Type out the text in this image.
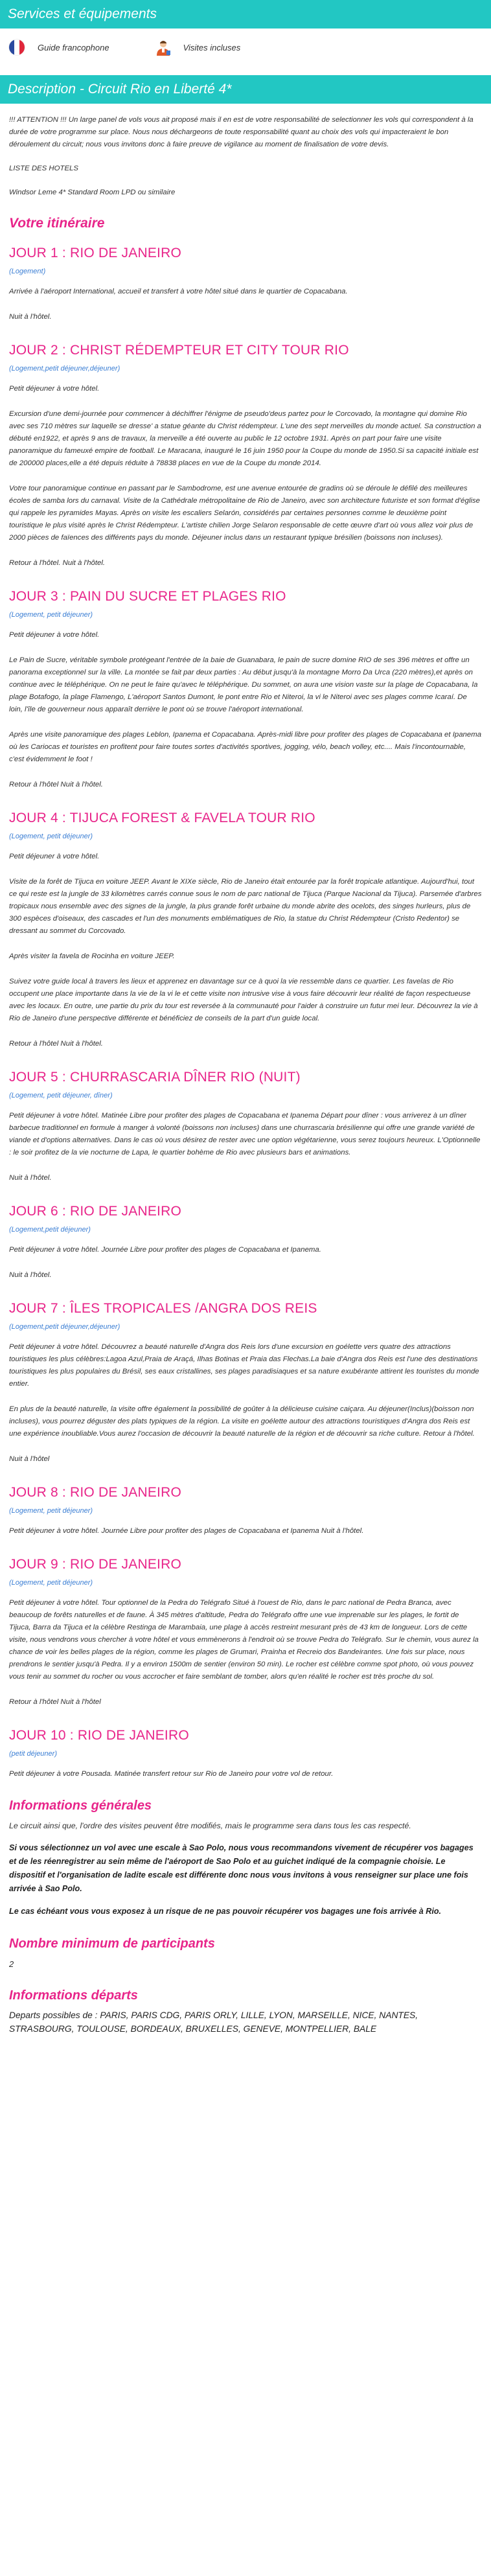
Services et équipements
Guide francophone	Visites incluses
Description - Circuit Rio en Liberté 4*

!!! ATTENTION !!! Un large panel de vols vous ait proposé mais il en est de votre responsabilité de selectionner les vols qui correspondent à la durée de votre programme sur place. Nous nous déchargeons de toute responsabilité quant au choix des vols qui impacteraient le bon déroulement du circuit; nous vous invitons donc à faire preuve de vigilance au moment de finalisation de votre devis.

LISTE DES HOTELS

Windsor Leme 4* Standard Room LPD ou similaire

Votre itinéraire
JOUR 1 : RIO DE JANEIRO

(Logement)

Arrivée à l'aéroport International, accueil et transfert à votre hôtel situé dans le quartier de Copacabana.

Nuit à l'hôtel.

JOUR 2 : CHRIST RÉDEMPTEUR ET CITY TOUR RIO

(Logement,petit déjeuner,déjeuner)

Petit déjeuner à votre hôtel.

Excursion d'une demi-journée pour commencer à déchiffrer l'énigme de pseudo'deus partez pour le Corcovado, la montagne qui domine Rio avec ses 710 mètres sur laquelle se dresse' a statue géante du Christ rédempteur. L'une des sept merveilles du monde actuel. Sa construction a débuté en1922, et après 9 ans de travaux, la merveille a été ouverte au public le 12 octobre 1931. Après on part pour faire une visite panoramique du fameuxé empire de football. Le Maracana, inauguré le 16 juin 1950 pour la Coupe du monde de 1950.Si sa capacité initiale est de 200000 places,elle a été depuis réduite à 78838 places en vue de la Coupe du monde 2014.

Votre tour panoramique continue en passant par le Sambodrome, est une avenue entourée de gradins où se déroule le défilé des meilleures écoles de samba lors du carnaval. Visite de la Cathédrale métropolitaine de Rio de Janeiro, avec son architecture futuriste et son format d'église qui rappele les pyramides Mayas. Après on visite les escaliers Selarón, considérés par certaines personnes comme le deuxième point touristique le plus visité après le Christ Rédempteur. L'artiste chilien Jorge Selaron responsable de cette œuvre d'art où vous allez voir plus de 2000 pièces de faïences des différents pays du monde. Déjeuner inclus dans un restaurant typique brésilien (boissons non incluses).

Retour à l'hôtel. Nuit à l'hôtel.

JOUR 3 : PAIN DU SUCRE ET PLAGES RIO

(Logement, petit déjeuner)

Petit déjeuner à votre hôtel.

Le Pain de Sucre, véritable symbole protégeant l'entrée de la baie de Guanabara, le pain de sucre domine RIO de ses 396 mètres et offre un panorama exceptionnel sur la ville. La montée se fait par deux parties : Au début jusqu'à la montagne Morro Da Urca (220 mètres),et après on continue avec le téléphérique. On ne peut le faire qu'avec le téléphérique. Du sommet, on aura une vision vaste sur la plage de Copacabana, la plage Botafogo, la plage Flamengo, L'aéroport Santos Dumont, le pont entre Rio et Niteroi, la vi le Niteroi avec ses plages comme Icaraí. De loin, l'île de gouverneur nous apparaît derrière le pont où se trouve l'aéroport international.

Après une visite panoramique des plages Leblon, Ipanema et Copacabana. Après-midi libre pour profiter des plages de Copacabana et Ipanema où les Cariocas et touristes en profitent pour faire toutes sortes d'activités sportives, jogging, vélo, beach volley, etc.... Mais l'incontournable, c'est évidemment le foot !

Retour à l'hôtel Nuit à l'hôtel.

JOUR 4 : TIJUCA FOREST & FAVELA TOUR RIO

(Logement, petit déjeuner)

Petit déjeuner à votre hôtel.

Visite de la forêt de Tijuca en voiture JEEP. Avant le XIXe siècle, Rio de Janeiro était entourée par la forêt tropicale atlantique. Aujourd'hui, tout ce qui reste est la jungle de 33 kilomètres carrés connue sous le nom de parc national de Tijuca (Parque Nacional da Tijuca). Parsemée d'arbres tropicaux nous ensemble avec des signes de la jungle, la plus grande forêt urbaine du monde abrite des ocelots, des singes hurleurs, plus de 300 espèces d'oiseaux, des cascades et l'un des monuments emblématiques de Rio, la statue du Christ Rédempteur (Cristo Redentor) se dressant au sommet du Corcovado.

Après visiter la favela de Rocinha en voiture JEEP.

Suivez votre guide local à travers les lieux et apprenez en davantage sur ce à quoi la vie ressemble dans ce quartier. Les favelas de Rio occupent une place importante dans la vie de la vi le et cette visite non intrusive vise à vous faire découvrir leur réalité de façon respectueuse avec les locaux. En outre, une partie du prix du tour est reversée à la communauté pour l'aider à construire un futur mei leur. Découvrez la vie à Rio de Janeiro d'une perspective différente et bénéficiez de conseils de la part d'un guide local.

Retour à l'hôtel Nuit à l'hôtel.

JOUR 5 : CHURRASCARIA DÎNER RIO (NUIT)

(Logement, petit déjeuner, dîner)

Petit déjeuner à votre hôtel. Matinée Libre pour profiter des plages de Copacabana et Ipanema Départ pour dîner : vous arriverez à un dîner barbecue traditionnel en formule à manger à volonté (boissons non incluses) dans une churrascaria brésilienne qui offre une grande variété de viande et d'options alternatives. Dans le cas où vous désirez de rester avec une option végétarienne, vous serez toujours heureux. L'Optionnelle : le soir profitez de la vie nocturne de Lapa, le quartier bohème de Rio avec plusieurs bars et animations.

Nuit à l'hôtel.

JOUR 6 : RIO DE JANEIRO

(Logement,petit déjeuner)

Petit déjeuner à votre hôtel. Journée Libre pour profiter des plages de Copacabana et Ipanema.

Nuit à l'hôtel.

JOUR 7 : ÎLES TROPICALES /ANGRA DOS REIS

(Logement,petit déjeuner,déjeuner)

Petit déjeuner à votre hôtel. Découvrez a beauté naturelle d'Angra dos Reis lors d'une excursion en goélette vers quatre des attractions touristiques les plus célèbres:Lagoa Azul,Praia de Araçá, Ilhas Botinas et Praia das Flechas.La baie d'Angra dos Reis est l'une des destinations touristiques les plus populaires du Brésil, ses eaux cristallines, ses plages paradisiaques et sa nature exubérante attirent les touristes du monde entier.

En plus de la beauté naturelle, la visite offre également la possibilité de goûter à la délicieuse cuisine caiçara. Au déjeuner(Inclus)(boisson non incluses), vous pourrez déguster des plats typiques de la région. La visite en goélette autour des attractions touristiques d'Angra dos Reis est une expérience inoubliable.Vous aurez l'occasion de découvrir la beauté naturelle de la région et de découvrir sa riche culture. Retour à l'hôtel.

Nuit à l'hôtel

JOUR 8 : RIO DE JANEIRO

(Logement, petit déjeuner)

Petit déjeuner à votre hôtel. Journée Libre pour profiter des plages de Copacabana et Ipanema Nuit à l'hôtel.

JOUR 9 : RIO DE JANEIRO

(Logement, petit déjeuner)

Petit déjeuner à votre hôtel. Tour optionnel de la Pedra do Telégrafo Situé à l'ouest de Rio, dans le parc national de Pedra Branca, avec beaucoup de forêts naturelles et de faune. À 345 mètres d'altitude, Pedra do Telégrafo offre une vue imprenable sur les plages, le fortit de Tijuca, Barra da Tijuca et la célèbre Restinga de Marambaia, une plage à accès restreint mesurant près de 43 km de longueur. Lors de cette visite, nous vendrons vous chercher à votre hôtel et vous emmènerons à l'endroit où se trouve Pedra do Telégrafo. Sur le chemin, vous aurez la chance de voir les belles plages de la région, comme les plages de Grumari, Prainha et Recreio dos Bandeirantes. Une fois sur place, nous prendrons le sentier jusqu'à Pedra. Il y a environ 1500m de sentier (environ 50 min). Le rocher est célèbre comme spot photo, où vous pouvez vous tenir au sommet du rocher ou vous accrocher et faire semblant de tomber, alors qu'en réalité le rocher est très proche du sol.

Retour à l'hôtel Nuit à l'hôtel

JOUR 10 : RIO DE JANEIRO

(petit déjeuner)

Petit déjeuner à votre Pousada. Matinée transfert retour sur Rio de Janeiro pour votre vol de retour.

Informations générales

Le circuit ainsi que, l'ordre des visites peuvent être modifiés, mais le programme sera dans tous les cas respecté.

Si vous sélectionnez un vol avec une escale à Sao Polo, nous vous recommandons vivement de récupérer vos bagages et de les réenregistrer au sein même de l'aéroport de Sao Polo et au guichet indiqué de la compagnie choisie. Le dispositif et l'organisation de ladite escale est différente donc nous vous invitons à vous renseigner sur place une fois arrivée à Sao Polo.

Le cas échéant vous vous exposez à un risque de ne pas pouvoir récupérer vos bagages une fois arrivée à Rio.

Nombre minimum de participants

2

Informations départs

Departs possibles de : PARIS, PARIS CDG, PARIS ORLY, LILLE, LYON, MARSEILLE, NICE, NANTES, STRASBOURG, TOULOUSE, BORDEAUX, BRUXELLES, GENEVE, MONTPELLIER, BALE
